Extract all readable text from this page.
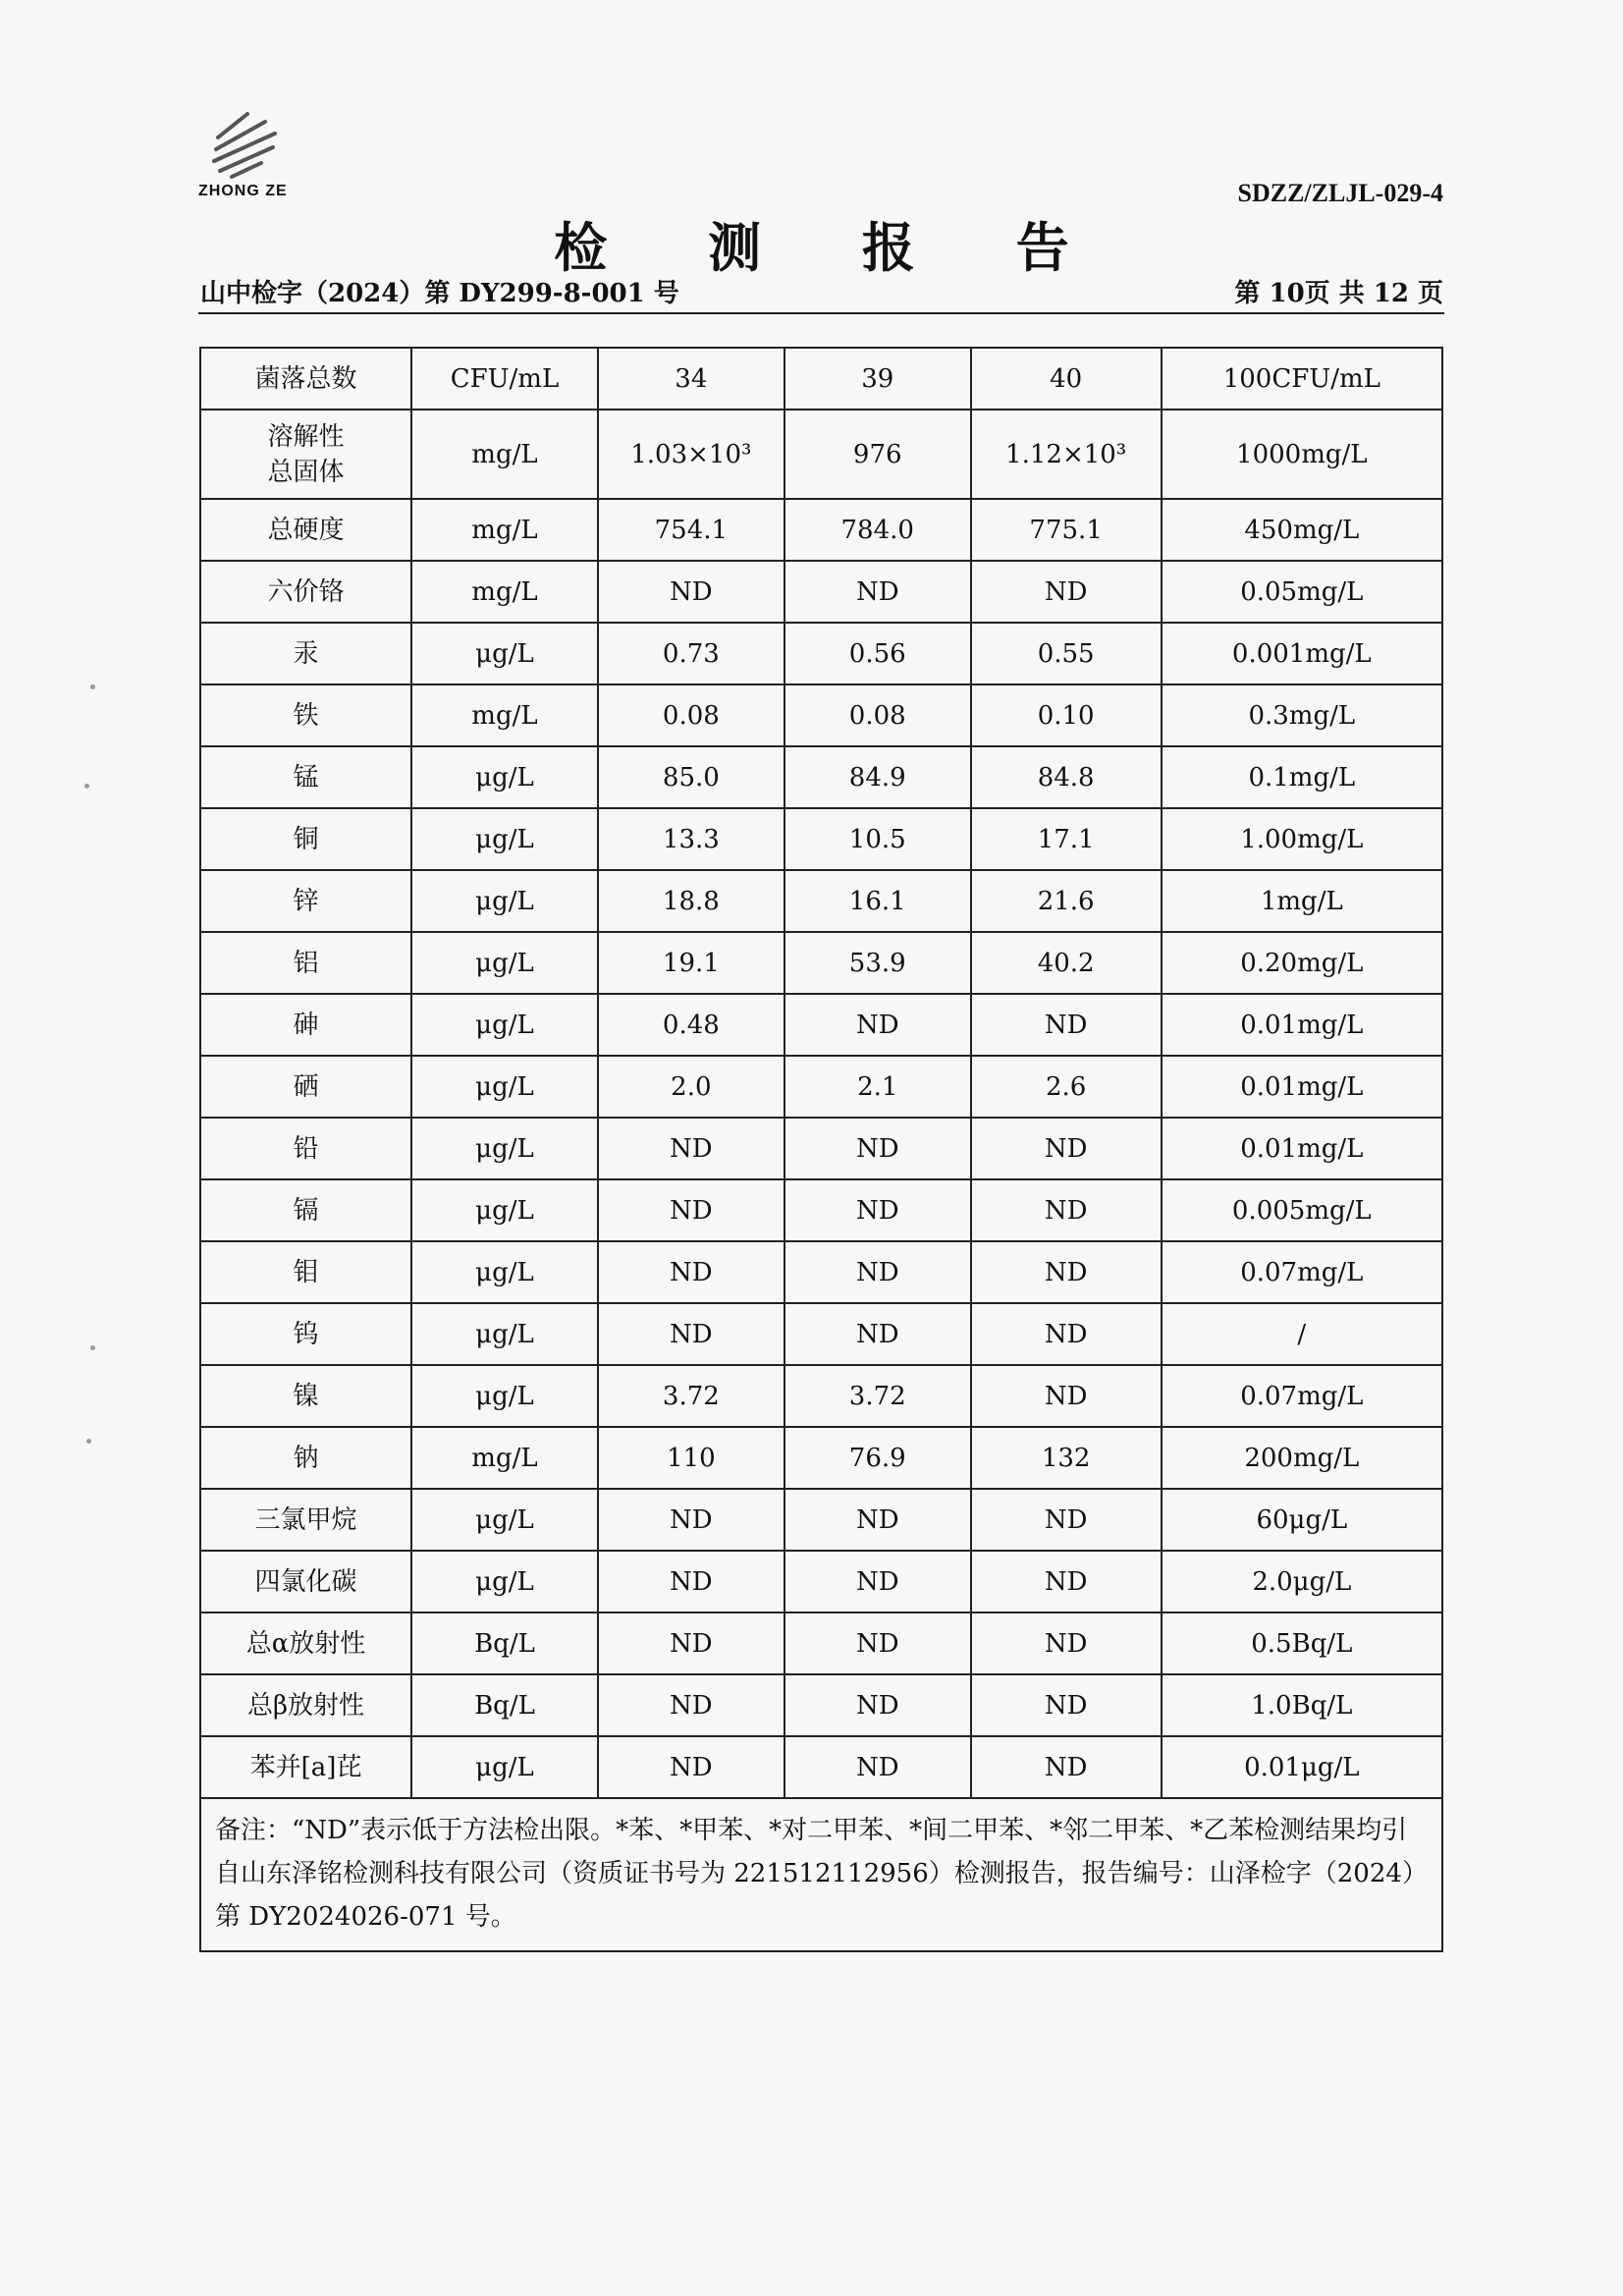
ZHONG ZE	SDZZ/ZLJL-029-4
检 测 报 告
山中检字（2024）第 DY299-8-001 号	第 10页 共 12 页
菌落总数	CFU/mL	34	39	40	100CFU/mL
溶解性
总固体	mg/L	1.03×10³	976	1.12×10³	1000mg/L
总硬度	mg/L	754.1	784.0	775.1	450mg/L
六价铬	mg/L	ND	ND	ND	0.05mg/L
汞	μg/L	0.73	0.56	0.55	0.001mg/L
铁	mg/L	0.08	0.08	0.10	0.3mg/L
锰	μg/L	85.0	84.9	84.8	0.1mg/L
铜	μg/L	13.3	10.5	17.1	1.00mg/L
锌	μg/L	18.8	16.1	21.6	1mg/L
铝	μg/L	19.1	53.9	40.2	0.20mg/L
砷	μg/L	0.48	ND	ND	0.01mg/L
硒	μg/L	2.0	2.1	2.6	0.01mg/L
铅	μg/L	ND	ND	ND	0.01mg/L
镉	μg/L	ND	ND	ND	0.005mg/L
钼	μg/L	ND	ND	ND	0.07mg/L
钨	μg/L	ND	ND	ND	/
镍	μg/L	3.72	3.72	ND	0.07mg/L
钠	mg/L	110	76.9	132	200mg/L
三氯甲烷	μg/L	ND	ND	ND	60μg/L
四氯化碳	μg/L	ND	ND	ND	2.0μg/L
总α放射性	Bq/L	ND	ND	ND	0.5Bq/L
总β放射性	Bq/L	ND	ND	ND	1.0Bq/L
苯并[a]芘	μg/L	ND	ND	ND	0.01μg/L
备注：“ND”表示低于方法检出限。*苯、*甲苯、*对二甲苯、*间二甲苯、*邻二甲苯、*乙苯检测结果均引自山东泽铭检测科技有限公司（资质证书号为 221512112956）检测报告，报告编号：山泽检字（2024）第 DY2024026-071 号。					
